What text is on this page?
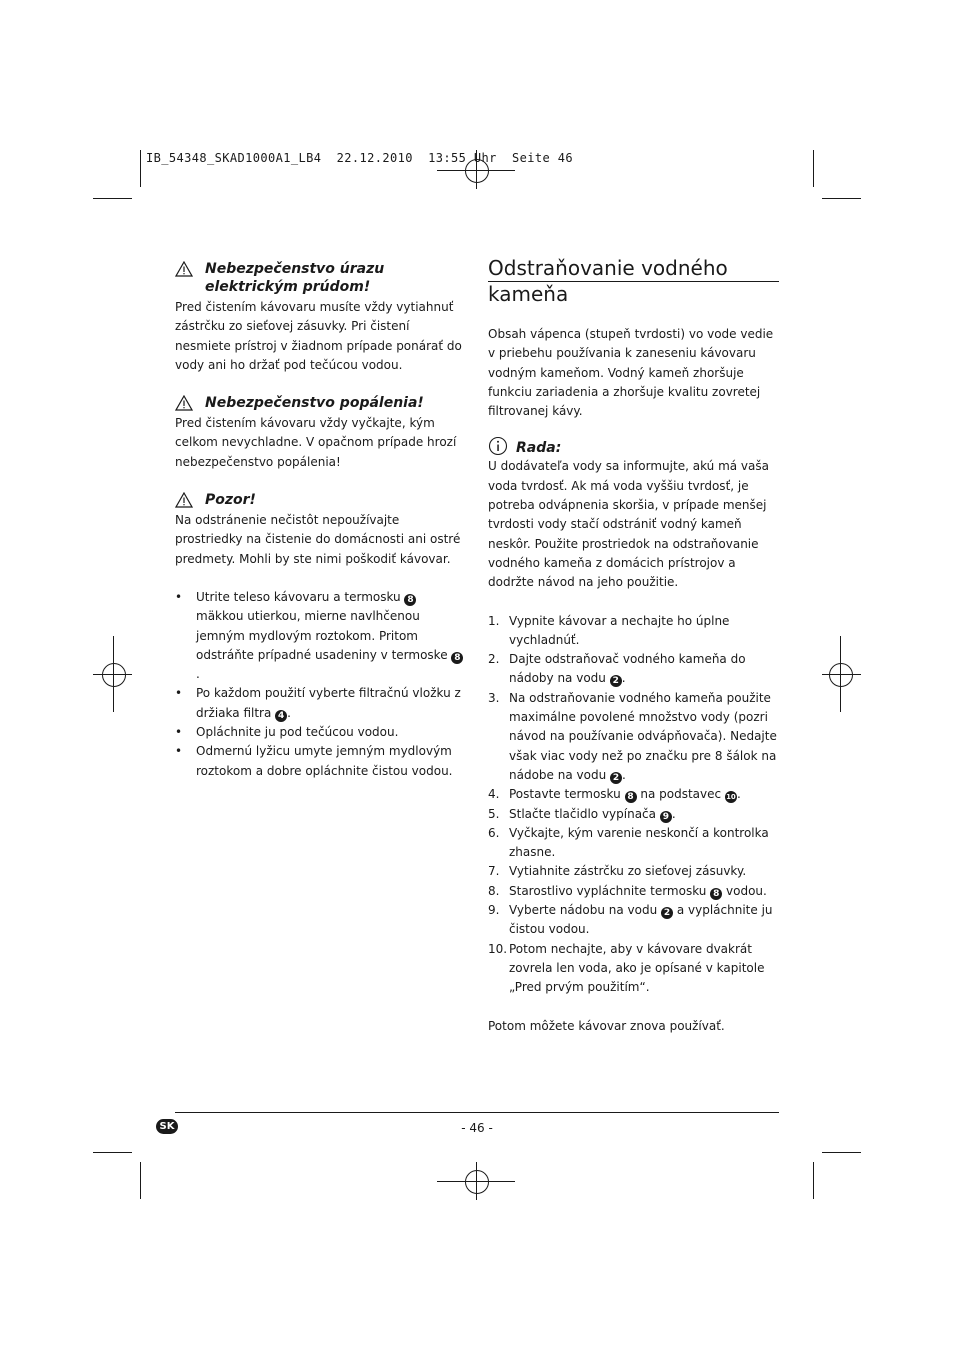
IB_54348_SKAD1000A1_LB4  22.12.2010  13:55 Uhr  Seite 46
Nebezpečenstvo úrazu elektrickým prúdom!

Pred čistením kávovaru musíte vždy vytiahnuť zástrčku zo sieťovej zásuvky. Pri čistení nesmiete prístroj v žiadnom prípade ponárať do vody ani ho držať pod tečúcou vodou.

Nebezpečenstvo popálenia!

Pred čistením kávovaru vždy vyčkajte, kým celkom nevychladne. V opačnom prípade hrozí nebezpečenstvo popálenia!

Pozor!

Na odstránenie nečistôt nepoužívajte prostriedky na čistenie do domácnosti ani ostré predmety. Mohli by ste nimi poškodiť kávovar.

• Utrite teleso kávovaru a termosku 8 mäkkou utierkou, mierne navlhčenou jemným mydlovým roztokom. Pritom odstráňte prípadné usadeniny v termoske 8.
• Po každom použití vyberte filtračnú vložku z držiaka filtra 4 .
• Opláchnite ju pod tečúcou vodou.
• Odmernú lyžicu umyte jemným mydlovým roztokom a dobre opláchnite čistou vodou.
Odstraňovanie vodného kameňa

Obsah vápenca (stupeň tvrdosti) vo vode vedie v priebehu používania k zaneseniu kávovaru vodným kameňom. Vodný kameň zhoršuje funkciu zariadenia a zhoršuje kvalitu zovretej filtrovanej kávy.

Rada:

U dodávateľa vody sa informujte, akú má vaša voda tvrdosť. Ak má voda vyššiu tvrdosť, je potreba odvápnenia skoršia, v prípade menšej tvrdosti vody stačí odstrániť vodný kameň neskôr. Použite prostriedok na odstraňovanie vodného kameňa z domácich prístrojov a dodržte návod na jeho použitie.

1. Vypnite kávovar a nechajte ho úplne vychladnúť.
2. Dajte odstraňovač vodného kameňa do nádoby na vodu 2 .
3. Na odstraňovanie vodného kameňa použite maximálne povolené množstvo vody (pozri návod na používanie odvápňovača). Nedajte však viac vody než po značku pre 8 šálok na nádobe na vodu 2 .
4. Postavte termosku 8 na podstavec 10.
5. Stlačte tlačidlo vypínača 9 .
6. Vyčkajte, kým varenie neskončí a kontrolka zhasne.
7. Vytiahnite zástrčku zo sieťovej zásuvky.
8. Starostlivo vypláchnite termosku 8 vodou.
9. Vyberte nádobu na vodu 2 a vypláchnite ju čistou vodou.
10. Potom nechajte, aby v kávovare dvakrát zovrela len voda, ako je opísané v kapitole „Pred prvým použitím“.

Potom môžete kávovar znova používať.

SK	- 46 -
